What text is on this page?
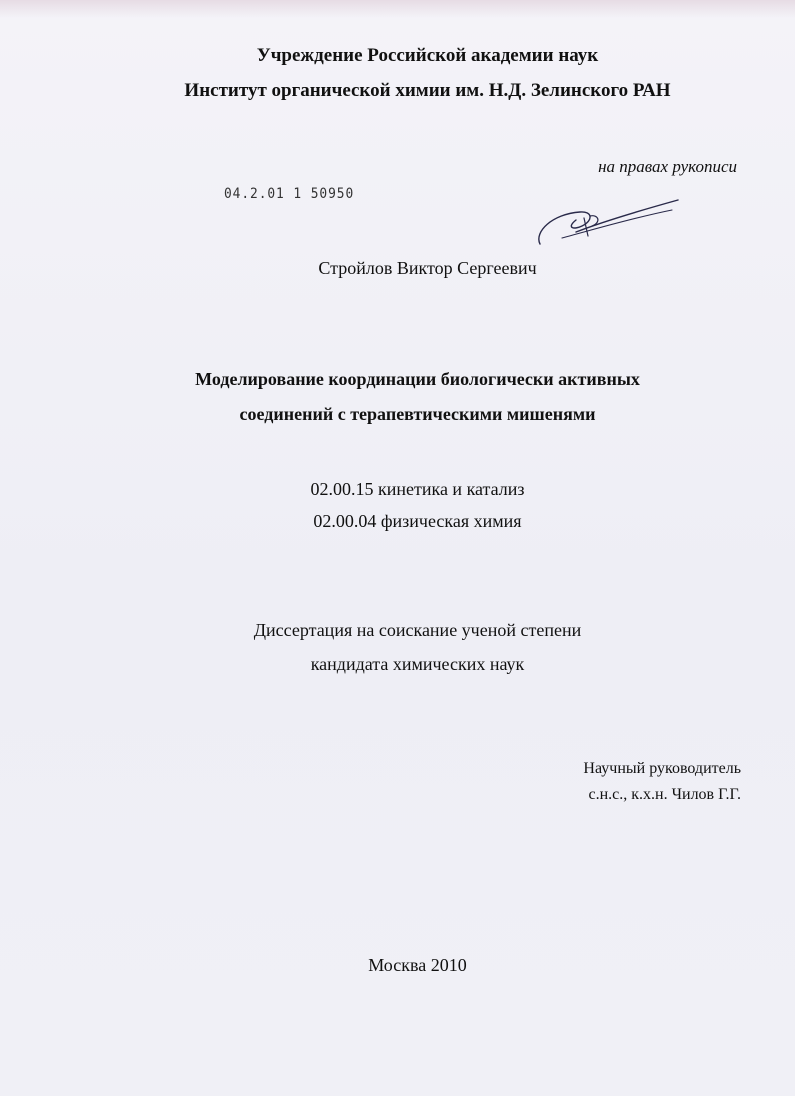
Учреждение Российской академии наук
Институт органической химии им. Н.Д. Зелинского РАН
на правах рукописи
04.2.01 1 50950
Стройлов Виктор Сергеевич
Моделирование координации биологически активных
соединений с терапевтическими мишенями
02.00.15 кинетика и катализ
02.00.04 физическая химия
Диссертация на соискание ученой степени
кандидата химических наук
Научный руководитель
с.н.с., к.х.н. Чилов Г.Г.
Москва 2010
